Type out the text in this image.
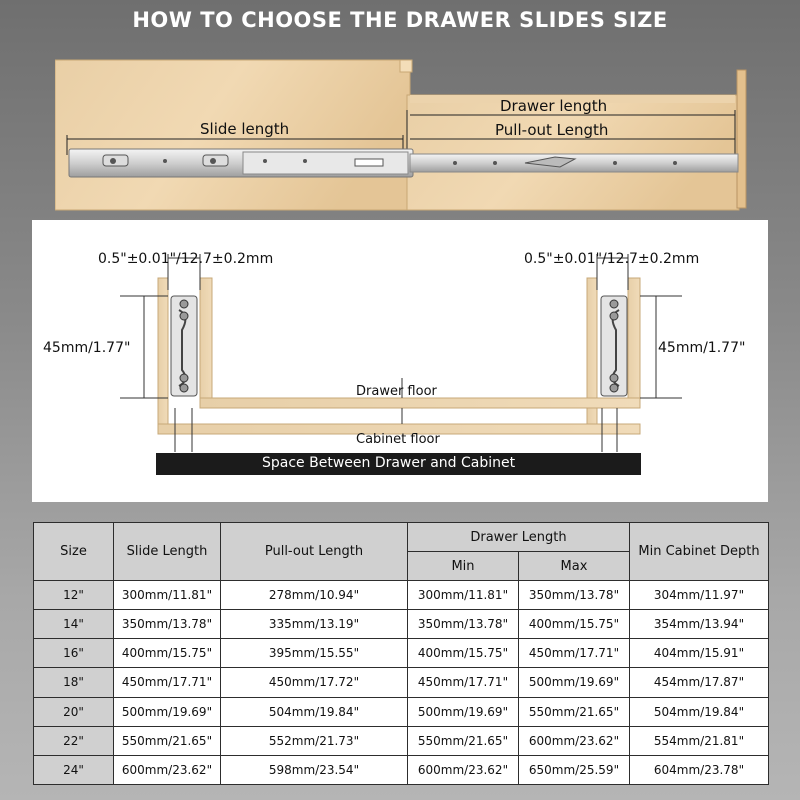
HOW TO CHOOSE THE DRAWER SLIDES SIZE
Drawer length
Pull-out Length
Slide length
0.5"±0.01"/12.7±0.2mm	0.5"±0.01"/12.7±0.2mm
45mm/1.77"	45mm/1.77"
Drawer floor
Cabinet floor
Space Between Drawer and Cabinet
Size	Slide Length	Pull-out Length	Drawer Length		Min Cabinet Depth
			Min	Max	
12"	300mm/11.81"	278mm/10.94"	300mm/11.81"	350mm/13.78"	304mm/11.97"
14"	350mm/13.78"	335mm/13.19"	350mm/13.78"	400mm/15.75"	354mm/13.94"
16"	400mm/15.75"	395mm/15.55"	400mm/15.75"	450mm/17.71"	404mm/15.91"
18"	450mm/17.71"	450mm/17.72"	450mm/17.71"	500mm/19.69"	454mm/17.87"
20"	500mm/19.69"	504mm/19.84"	500mm/19.69"	550mm/21.65"	504mm/19.84"
22"	550mm/21.65"	552mm/21.73"	550mm/21.65"	600mm/23.62"	554mm/21.81"
24"	600mm/23.62"	598mm/23.54"	600mm/23.62"	650mm/25.59"	604mm/23.78"
